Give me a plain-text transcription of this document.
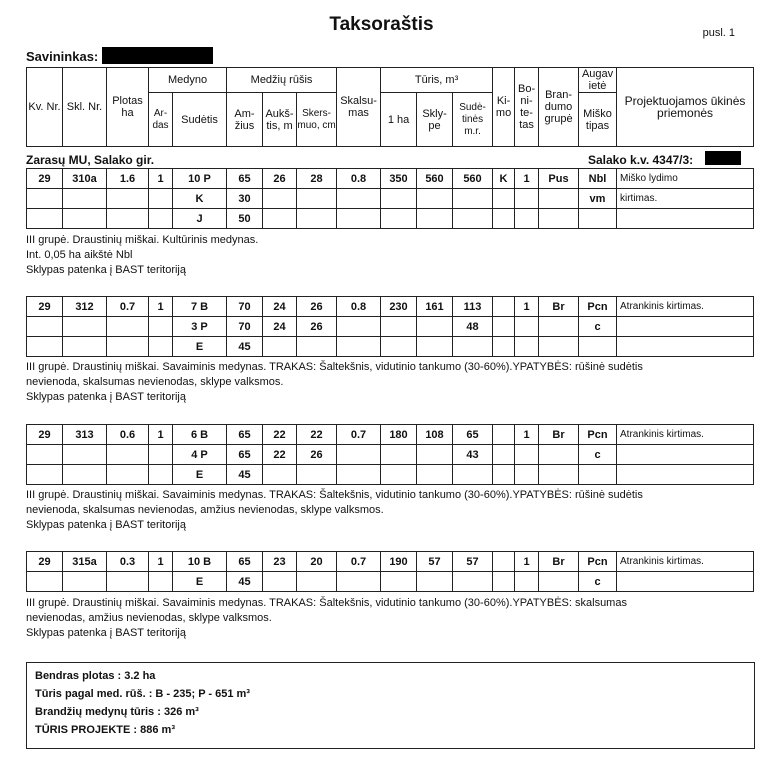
Taksoraštis	pusl. 1
Savininkas:
Kv. Nr.	Skl. Nr.	Plotas ha	Medyno		Medžių rūšis			Skalsu- mas	Tūris, m³			Ki- mo	Bo- ni- te- tas	Bran- dumo grupė	Augav ietė	Projektuojamos ūkinės priemonės
			Ar- das	Sudėtis	Am- žius	Aukš- tis, m	Skers- muo, cm		1 ha	Skly- pe	Sudė- tinės m.r.				Miško tipas	
Zarasų MU, Salako gir.	Salako k.v. 4347/3:
29	310a	1.6	1	10 P	65	26	28	0.8	350	560	560	K	1	Pus	Nbl	Miško lydimo
				K	30										vm	kirtimas.
				J	50											
III grupė. Draustinių miškai. Kultūrinis medynas.
Int. 0,05 ha aikštė Nbl
Sklypas patenka į BAST teritoriją
29	312	0.7	1	7 B	70	24	26	0.8	230	161	113		1	Br	Pcn	Atrankinis kirtimas.
				3 P	70	24	26				48				c	
				E	45											
III grupė. Draustinių miškai. Savaiminis medynas. TRAKAS: Šaltekšnis, vidutinio tankumo (30-60%).YPATYBĖS: rūšinė sudėtis
nevienoda, skalsumas nevienodas, sklype valksmos.
Sklypas patenka į BAST teritoriją
29	313	0.6	1	6 B	65	22	22	0.7	180	108	65		1	Br	Pcn	Atrankinis kirtimas.
				4 P	65	22	26				43				c	
				E	45											
III grupė. Draustinių miškai. Savaiminis medynas. TRAKAS: Šaltekšnis, vidutinio tankumo (30-60%).YPATYBĖS: rūšinė sudėtis
nevienoda, skalsumas nevienodas, amžius nevienodas, sklype valksmos.
Sklypas patenka į BAST teritoriją
29	315a	0.3	1	10 B	65	23	20	0.7	190	57	57		1	Br	Pcn	Atrankinis kirtimas.
				E	45										c	
III grupė. Draustinių miškai. Savaiminis medynas. TRAKAS: Šaltekšnis, vidutinio tankumo (30-60%).YPATYBĖS: skalsumas
nevienodas, amžius nevienodas, sklype valksmos.
Sklypas patenka į BAST teritoriją
Bendras plotas : 3.2 ha
Tūris pagal med. rūš. : B - 235; P - 651 m³
Brandžių medynų tūris : 326 m³
TŪRIS PROJEKTE : 886 m³
